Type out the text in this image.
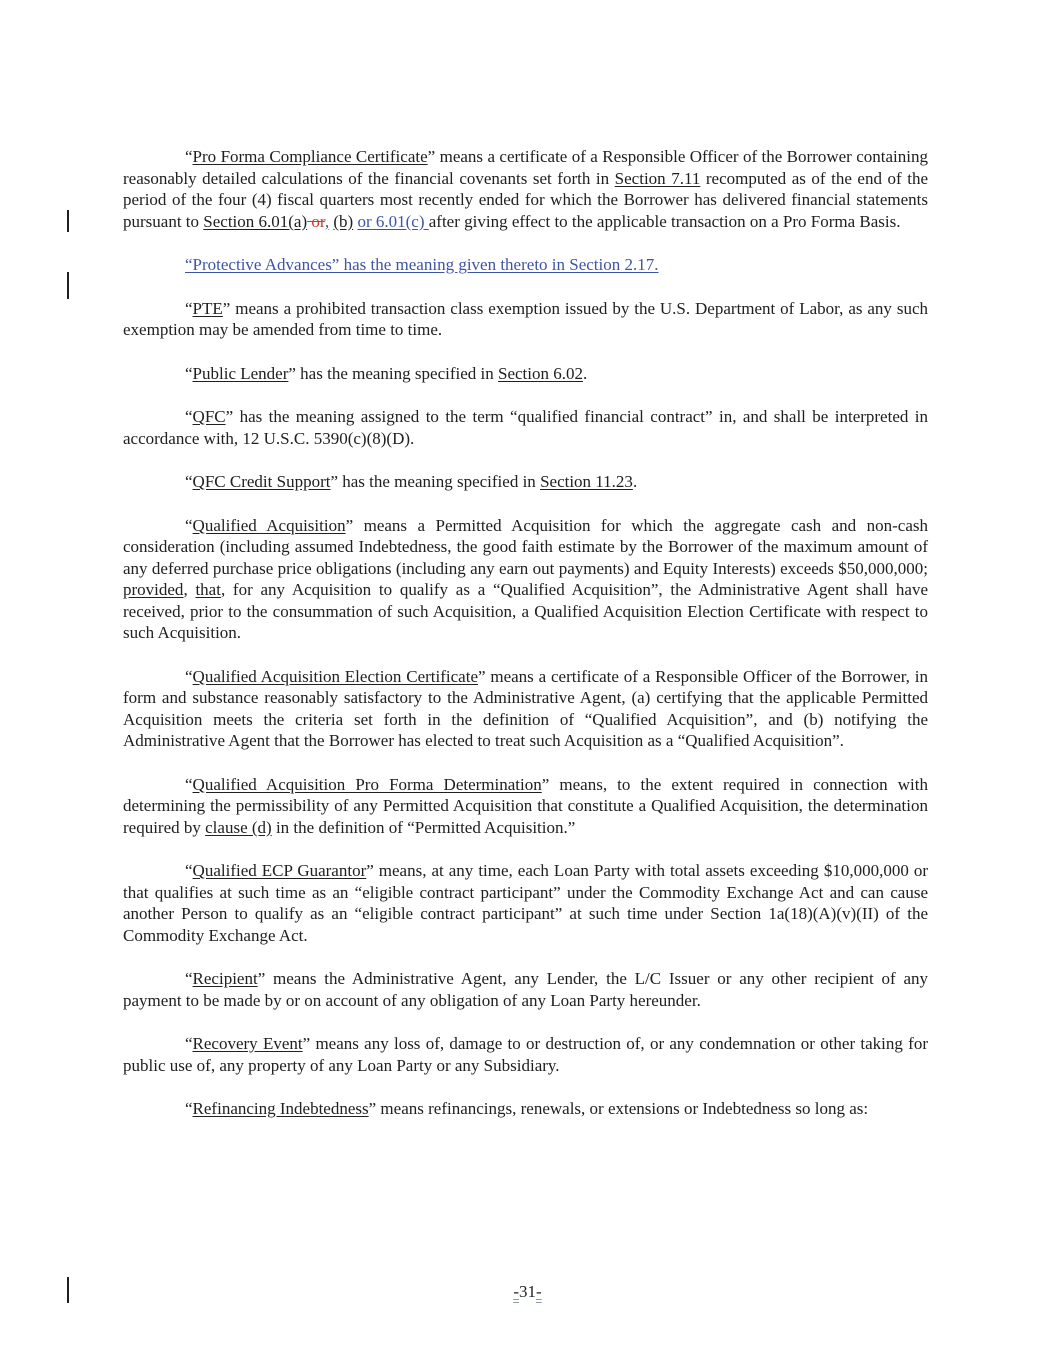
“Pro Forma Compliance Certificate” means a certificate of a Responsible Officer of the Borrower containing reasonably detailed calculations of the financial covenants set forth in Section 7.11 recomputed as of the end of the period of the four (4) fiscal quarters most recently ended for which the Borrower has delivered financial statements pursuant to Section 6.01(a) or, (b) or 6.01(c) after giving effect to the applicable transaction on a Pro Forma Basis.

“Protective Advances” has the meaning given thereto in Section 2.17.

“PTE” means a prohibited transaction class exemption issued by the U.S. Department of Labor, as any such exemption may be amended from time to time.

“Public Lender” has the meaning specified in Section 6.02.

“QFC” has the meaning assigned to the term “qualified financial contract” in, and shall be interpreted in accordance with, 12 U.S.C. 5390(c)(8)(D).

“QFC Credit Support” has the meaning specified in Section 11.23.

“Qualified Acquisition” means a Permitted Acquisition for which the aggregate cash and non-cash consideration (including assumed Indebtedness, the good faith estimate by the Borrower of the maximum amount of any deferred purchase price obligations (including any earn out payments) and Equity Interests) exceeds $50,000,000; provided, that, for any Acquisition to qualify as a “Qualified Acquisition”, the Administrative Agent shall have received, prior to the consummation of such Acquisition, a Qualified Acquisition Election Certificate with respect to such Acquisition.

“Qualified Acquisition Election Certificate” means a certificate of a Responsible Officer of the Borrower, in form and substance reasonably satisfactory to the Administrative Agent, (a) certifying that the applicable Permitted Acquisition meets the criteria set forth in the definition of “Qualified Acquisition”, and (b) notifying the Administrative Agent that the Borrower has elected to treat such Acquisition as a “Qualified Acquisition”.

“Qualified Acquisition Pro Forma Determination” means, to the extent required in connection with determining the permissibility of any Permitted Acquisition that constitute a Qualified Acquisition, the determination required by clause (d) in the definition of “Permitted Acquisition.”

“Qualified ECP Guarantor” means, at any time, each Loan Party with total assets exceeding $10,000,000 or that qualifies at such time as an “eligible contract participant” under the Commodity Exchange Act and can cause another Person to qualify as an “eligible contract participant” at such time under Section 1a(18)(A)(v)(II) of the Commodity Exchange Act.

“Recipient” means the Administrative Agent, any Lender, the L/C Issuer or any other recipient of any payment to be made by or on account of any obligation of any Loan Party hereunder.

“Recovery Event” means any loss of, damage to or destruction of, or any condemnation or other taking for public use of, any property of any Loan Party or any Subsidiary.

“Refinancing Indebtedness” means refinancings, renewals, or extensions or Indebtedness so long as:

-31-
